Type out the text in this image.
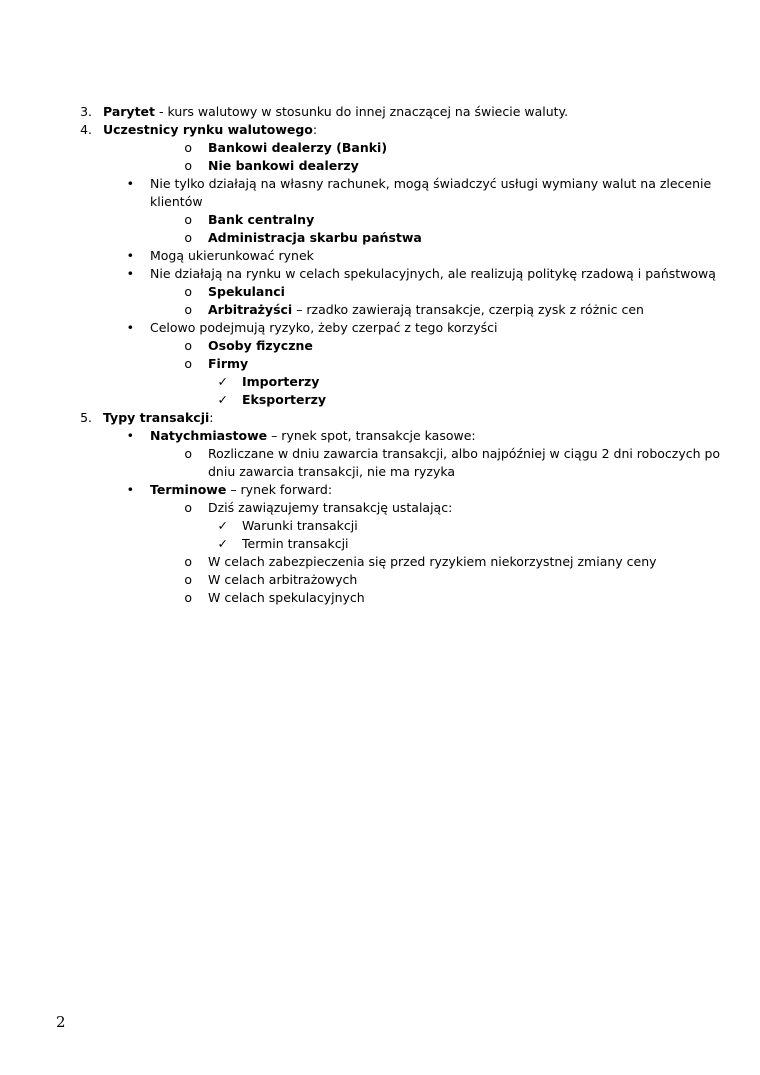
3. Parytet - kurs walutowy w stosunku do innej znaczącej na świecie waluty.
4. Uczestnicy rynku walutowego:
o Bankowi dealerzy (Banki)
o Nie bankowi dealerzy
• Nie tylko działają na własny rachunek, mogą świadczyć usługi wymiany walut na zlecenie
klientów
o Bank centralny
o Administracja skarbu państwa
• Mogą ukierunkować rynek
• Nie działają na rynku w celach spekulacyjnych, ale realizują politykę rzadową i państwową
o Spekulanci
o Arbitrażyści – rzadko zawierają transakcje, czerpią zysk z różnic cen
• Celowo podejmują ryzyko, żeby czerpać z tego korzyści
o Osoby fizyczne
o Firmy
✓ Importerzy
✓ Eksporterzy
5. Typy transakcji:
• Natychmiastowe – rynek spot, transakcje kasowe:
o Rozliczane w dniu zawarcia transakcji, albo najpóźniej w ciągu 2 dni roboczych po
dniu zawarcia transakcji, nie ma ryzyka
• Terminowe – rynek forward:
o Dziś zawiązujemy transakcję ustalając:
✓ Warunki transakcji
✓ Termin transakcji
o W celach zabezpieczenia się przed ryzykiem niekorzystnej zmiany ceny
o W celach arbitrażowych
o W celach spekulacyjnych
2
